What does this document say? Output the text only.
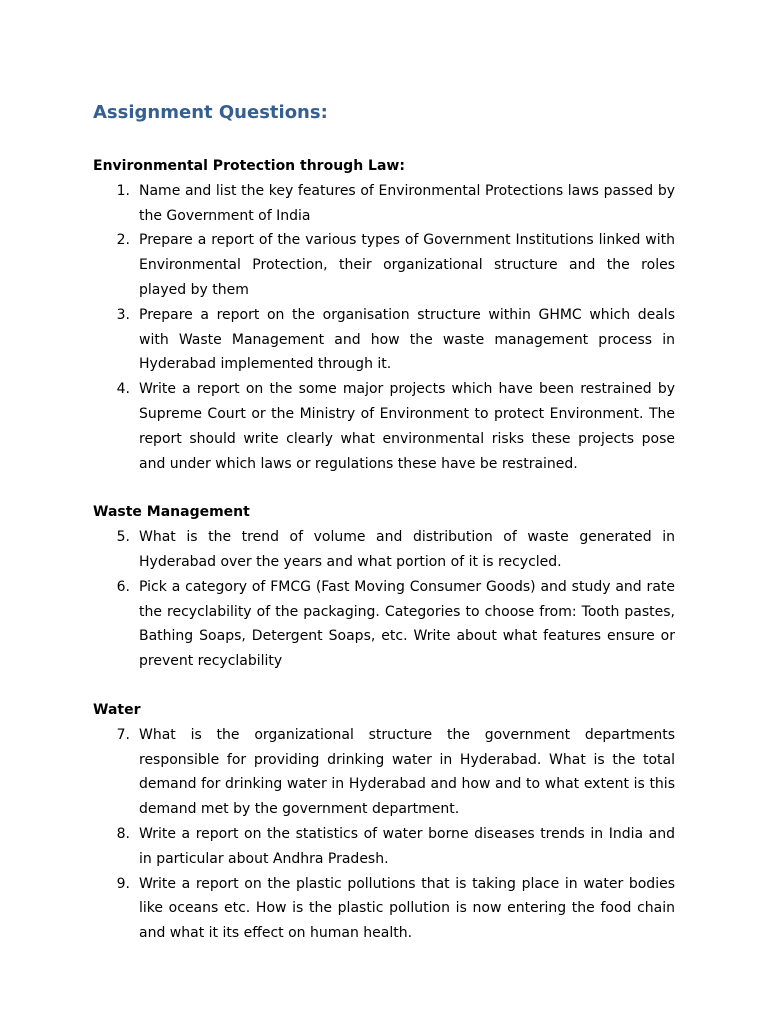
Assignment Questions:
Environmental Protection through Law:
1. Name and list the key features of Environmental Protections laws passed by the Government of India
2. Prepare a report of the various types of Government Institutions linked with Environmental Protection, their organizational structure and the roles played by them
3. Prepare a report on the organisation structure within GHMC which deals with Waste Management and how the waste management process in Hyderabad implemented through it.
4. Write a report on the some major projects which have been restrained by Supreme Court or the Ministry of Environment to protect Environment. The report should write clearly what environmental risks these projects pose and under which laws or regulations these have be restrained.
Waste Management
5. What is the trend of volume and distribution of waste generated in Hyderabad over the years and what portion of it is recycled.
6. Pick a category of FMCG (Fast Moving Consumer Goods) and study and rate the recyclability of the packaging. Categories to choose from: Tooth pastes, Bathing Soaps, Detergent Soaps, etc. Write about what features ensure or prevent recyclability
Water
7. What is the organizational structure the government departments responsible for providing drinking water in Hyderabad. What is the total demand for drinking water in Hyderabad and how and to what extent is this demand met by the government department.
8. Write a report on the statistics of water borne diseases trends in India and in particular about Andhra Pradesh.
9. Write a report on the plastic pollutions that is taking place in water bodies like oceans etc. How is the plastic pollution is now entering the food chain and what it its effect on human health.
